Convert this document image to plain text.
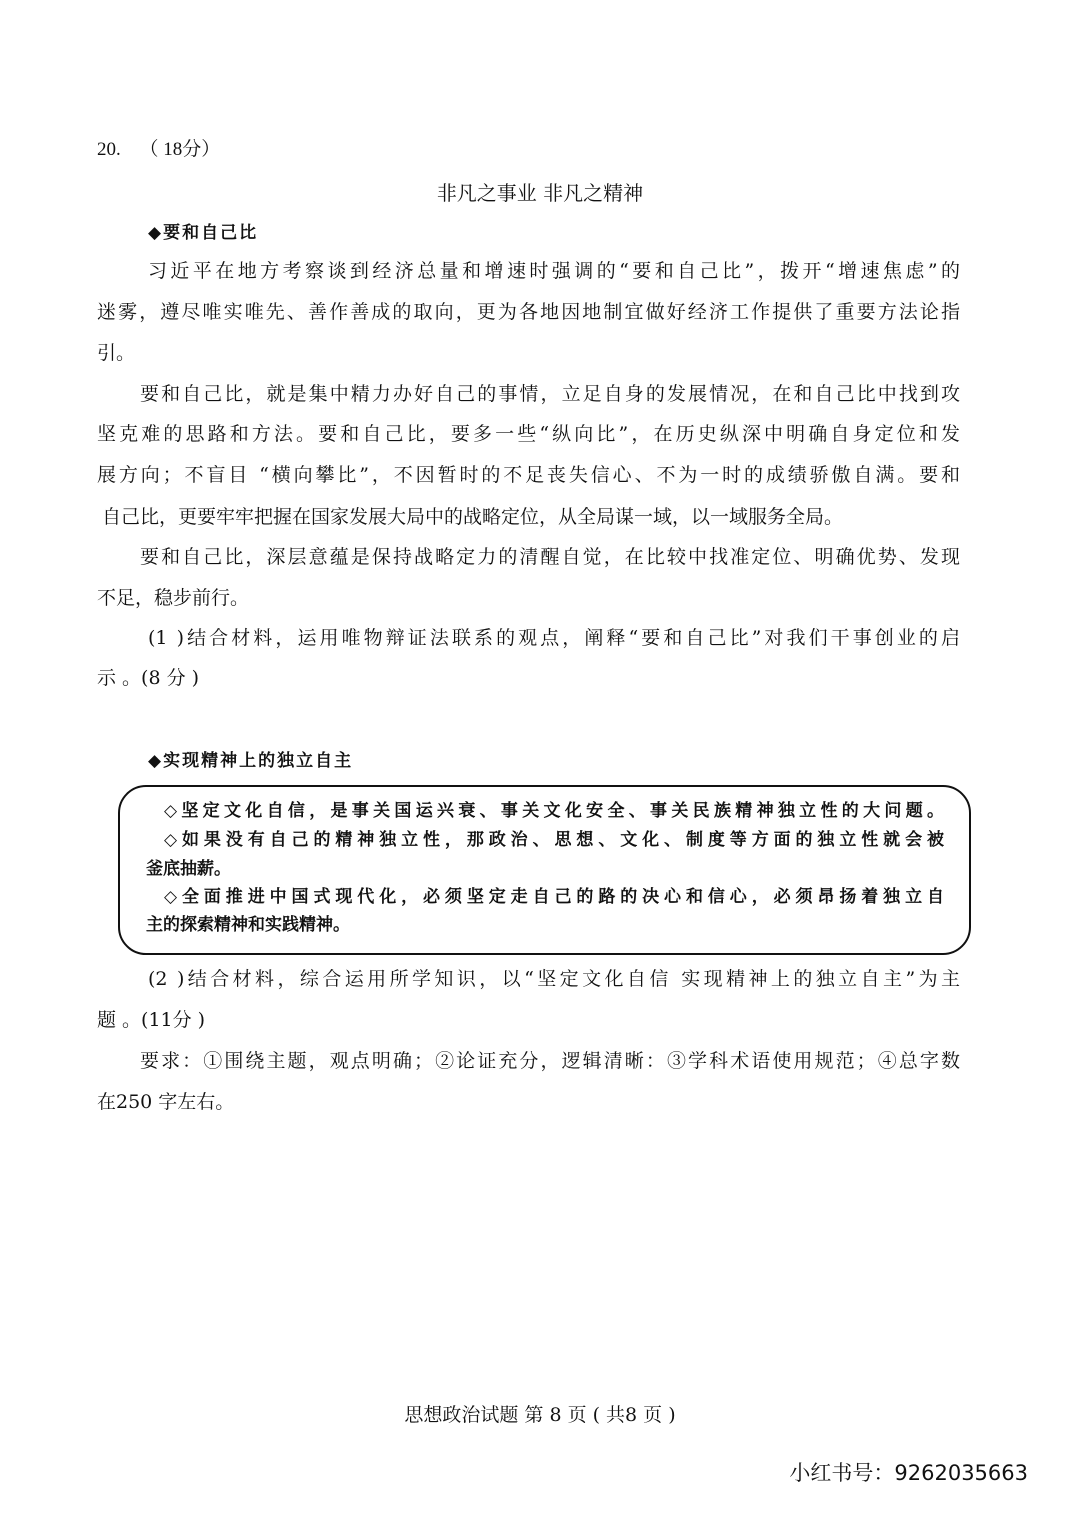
20. （ 18分）
非凡之事业 非凡之精神
◆要和自己比
习近平在地方考察谈到经济总量和增速时强调的“要和自己比”，拨开“增速焦虑”的
迷雾，遵尽唯实唯先、善作善成的取向，更为各地因地制宜做好经济工作提供了重要方法论指
引。
要和自己比，就是集中精力办好自己的事情，立足自身的发展情况，在和自己比中找到攻
坚克难的思路和方法。要和自己比，要多一些“纵向比”，在历史纵深中明确自身定位和发
展方向；不盲目 “横向攀比”，不因暂时的不足丧失信心、不为一时的成绩骄傲自满。要和
自己比，更要牢牢把握在国家发展大局中的战略定位，从全局谋一域，以一域服务全局。
要和自己比，深层意蕴是保持战略定力的清醒自觉，在比较中找准定位、明确优势、发现
不足，稳步前行。
(1 )结合材料，运用唯物辩证法联系的观点，阐释“要和自己比”对我们干事创业的启
示 。(8 分 )
◆实现精神上的独立自主
◇坚定文化自信，是事关国运兴衰、事关文化安全、事关民族精神独立性的大问题。
◇如果没有自己的精神独立性，那政治、思想、文化、制度等方面的独立性就会被
釜底抽薪。
◇全面推进中国式现代化，必须坚定走自己的路的决心和信心，必须昂扬着独立自
主的探索精神和实践精神。
(2 )结合材料，综合运用所学知识，以“坚定文化自信 实现精神上的独立自主”为主
题 。(11分 )
要求：①围绕主题，观点明确；②论证充分，逻辑清晰：③学科术语使用规范；④总字数
在250 字左右。
思想政治试题 第 8 页 ( 共8 页 )
小红书号：9262035663
